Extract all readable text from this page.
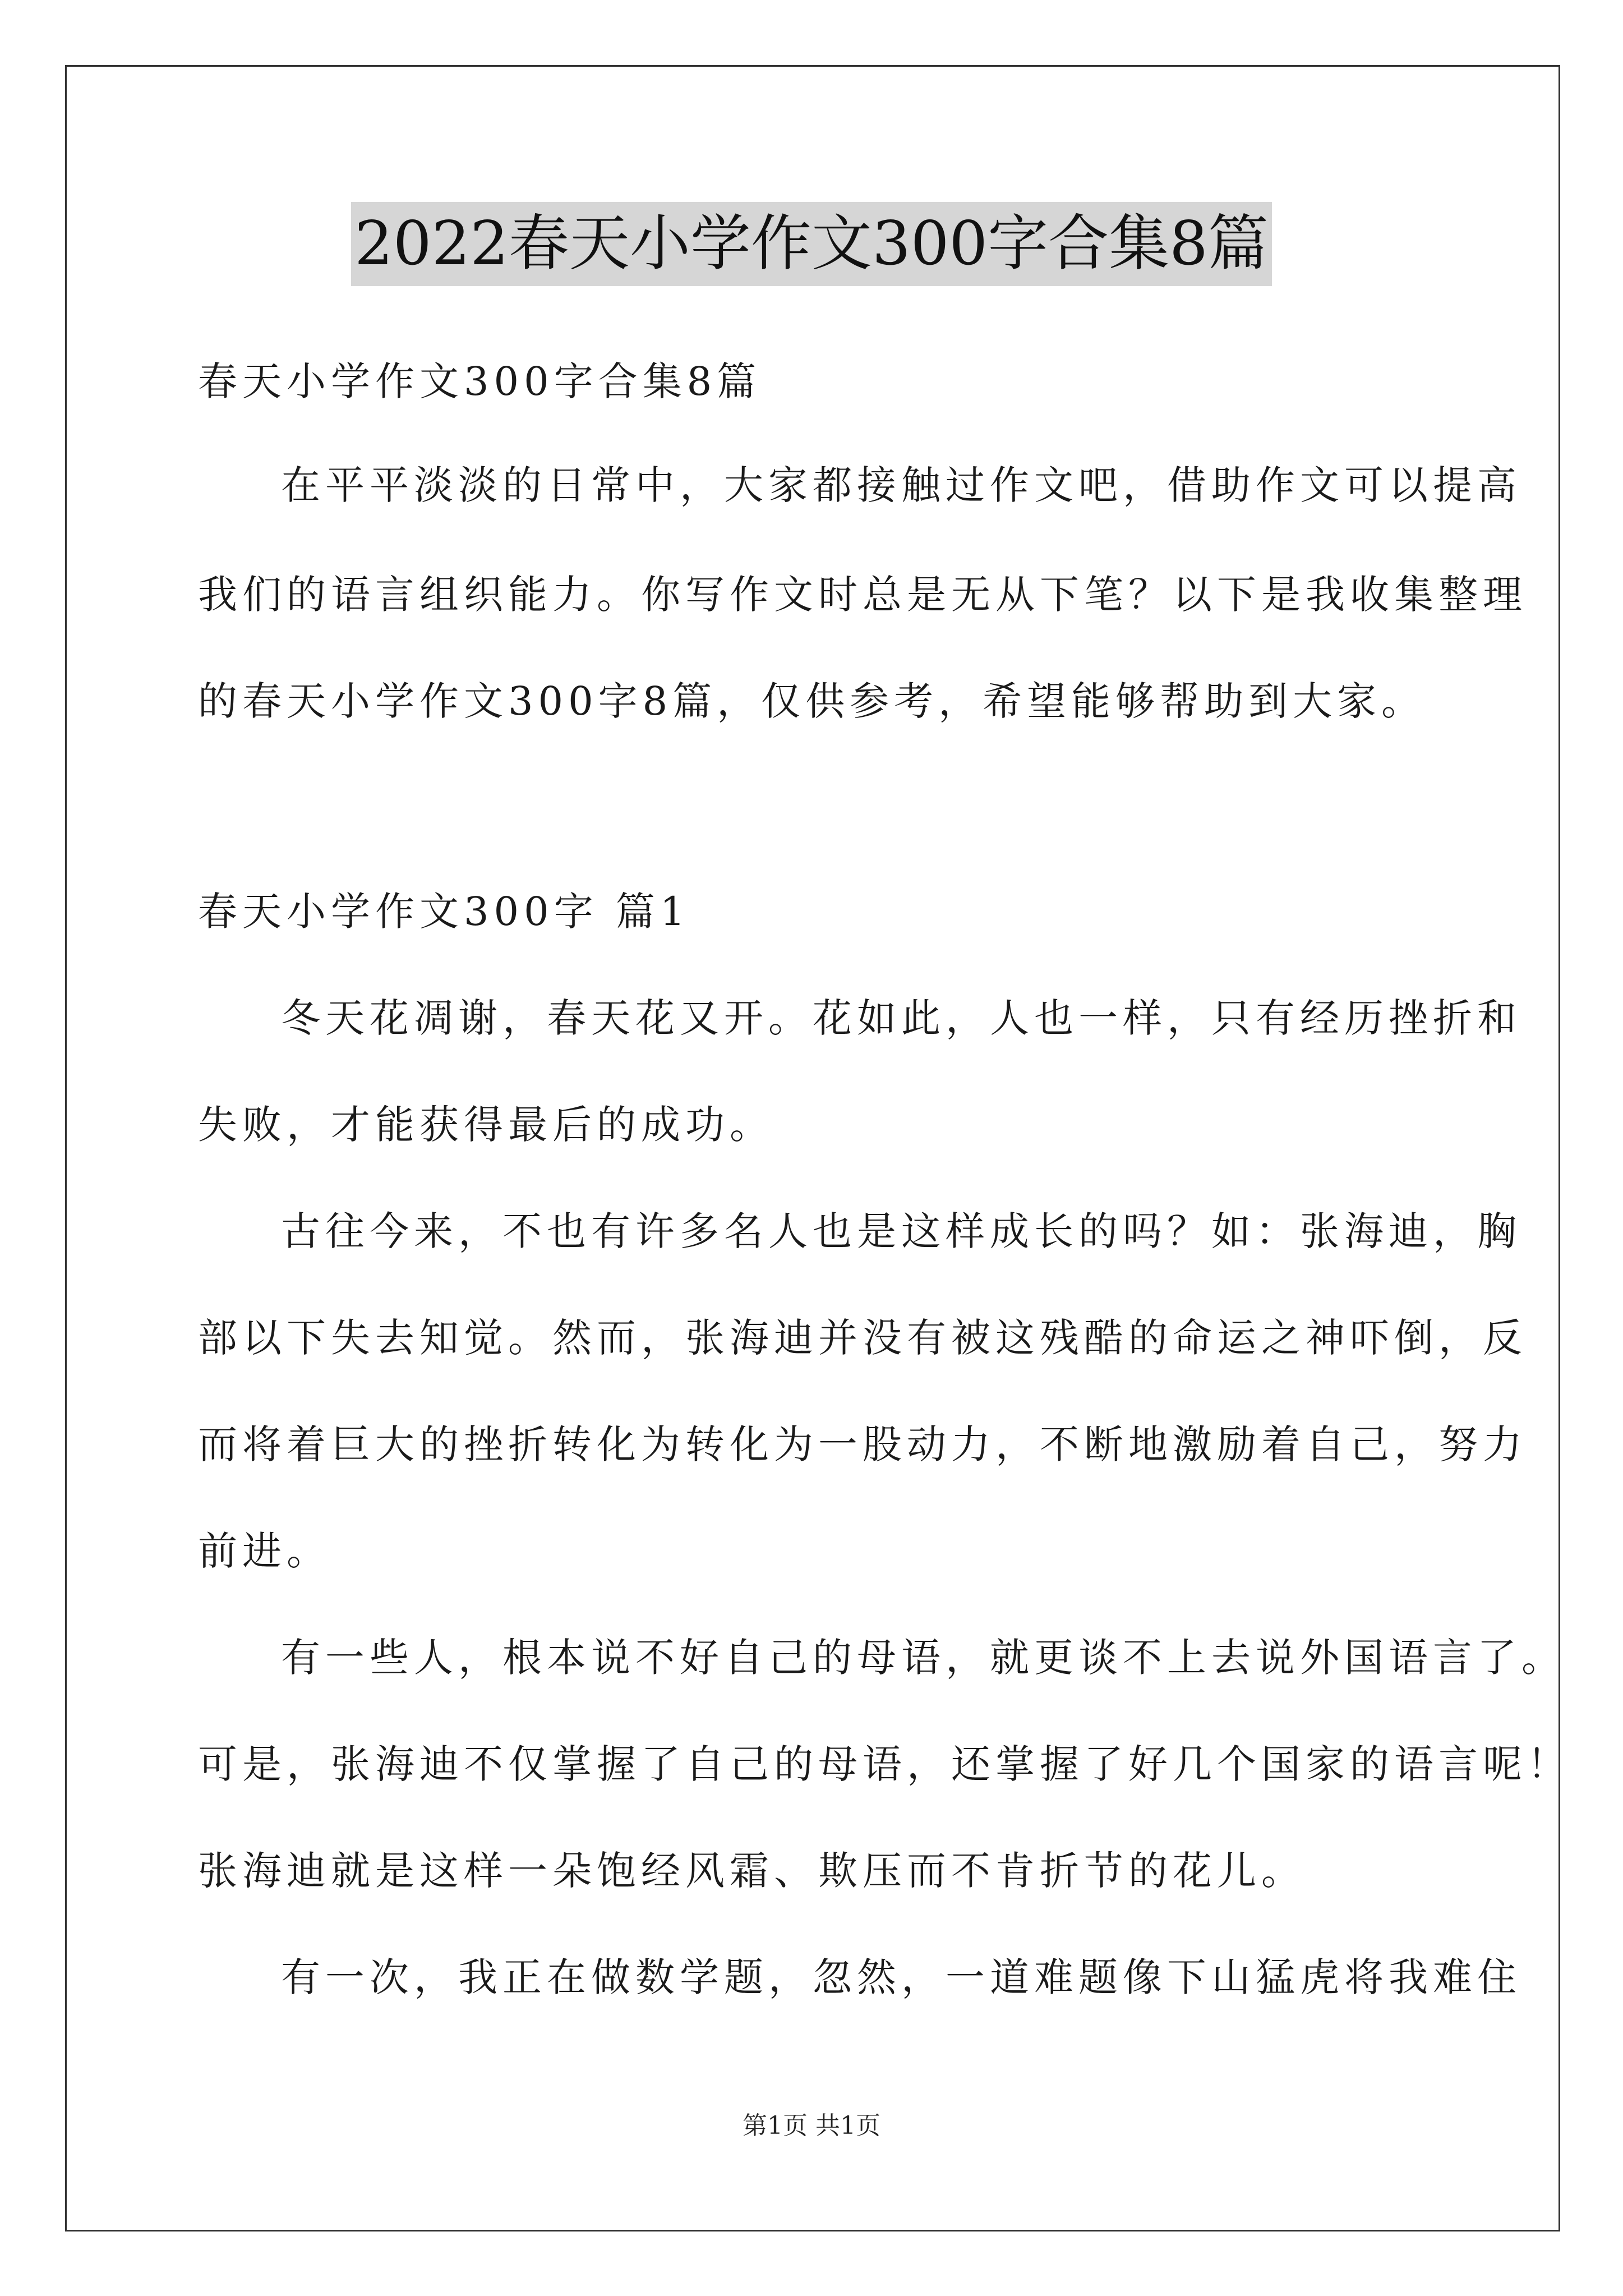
2022春天小学作文300字合集8篇
春天小学作文300字合集8篇
在平平淡淡的日常中，大家都接触过作文吧，借助作文可以提高
我们的语言组织能力。你写作文时总是无从下笔？以下是我收集整理
的春天小学作文300字8篇，仅供参考，希望能够帮助到大家。
春天小学作文300字 篇1
冬天花凋谢，春天花又开。花如此，人也一样，只有经历挫折和
失败，才能获得最后的成功。
古往今来，不也有许多名人也是这样成长的吗？如：张海迪，胸
部以下失去知觉。然而，张海迪并没有被这残酷的命运之神吓倒，反
而将着巨大的挫折转化为转化为一股动力，不断地激励着自己，努力
前进。
有一些人，根本说不好自己的母语，就更谈不上去说外国语言了。
可是，张海迪不仅掌握了自己的母语，还掌握了好几个国家的语言呢！
张海迪就是这样一朵饱经风霜、欺压而不肯折节的花儿。
有一次，我正在做数学题，忽然，一道难题像下山猛虎将我难住
第1页 共1页
